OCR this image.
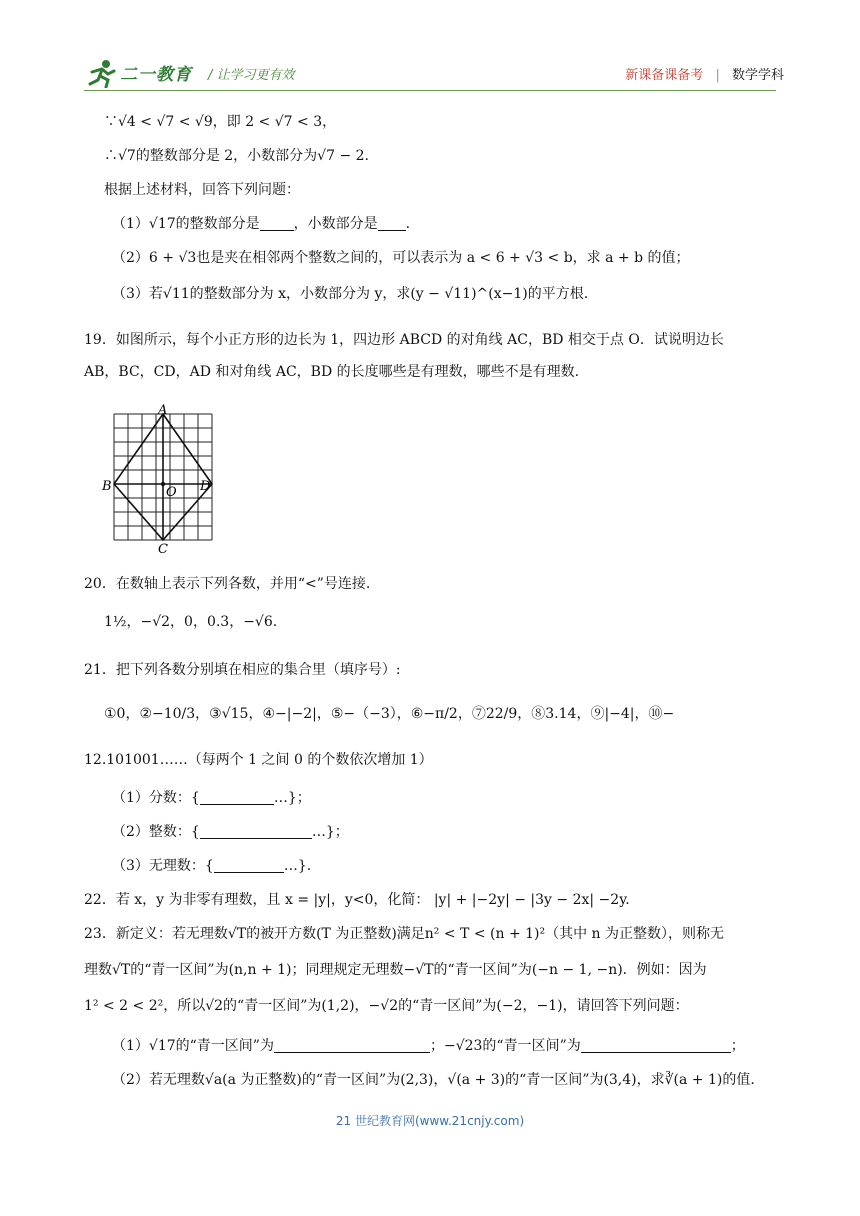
二一教育 / 让学习更有效	新课备课备考 | 数学学科
∵√4 < √7 < √9，即 2 < √7 < 3，
∴√7的整数部分是 2，小数部分为√7 − 2.
根据上述材料，回答下列问题：
（1）√17的整数部分是 ，小数部分是 .
（2）6 + √3也是夹在相邻两个整数之间的，可以表示为 a < 6 + √3 < b，求 a + b 的值；
（3）若√11的整数部分为 x，小数部分为 y，求(y − √11)^(x−1)的平方根.
19．如图所示，每个小正方形的边长为 1，四边形 ABCD 的对角线 AC，BD 相交于点 O．试说明边长
AB，BC，CD，AD 和对角线 AC，BD 的长度哪些是有理数，哪些不是有理数.
A
B
C
D
O
20．在数轴上表示下列各数，并用“<”号连接.
1½，−√2，0，0.3，−√6.
21．把下列各数分别填在相应的集合里（填序号）:
①0，②−10/3，③√15，④−|−2|，⑤−（−3），⑥−π/2，⑦22/9，⑧3.14，⑨|−4|，⑩−
12.101001……（每两个 1 之间 0 的个数依次增加 1）
（1）分数：{	…}；
（2）整数：{	…}；
（3）无理数：{	…}.
22．若 x，y 为非零有理数，且 x = |y|，y<0，化简： |y| + |−2y| − |3y − 2x| −2y.
23．新定义：若无理数√T的被开方数(T 为正整数)满足n² < T < (n + 1)²（其中 n 为正整数），则称无
理数√T的“青一区间”为(n,n + 1)；同理规定无理数−√T的“青一区间”为(−n − 1, −n)．例如：因为
1² < 2 < 2²，所以√2的“青一区间”为(1,2)，−√2的“青一区间”为(−2，−1)，请回答下列问题：
（1）√17的“青一区间”为	；−√23的“青一区间”为	；
（2）若无理数√a(a 为正整数)的“青一区间”为(2,3)，√(a + 3)的“青一区间”为(3,4)，求∛(a + 1)的值.
21 世纪教育网(www.21cnjy.com)
